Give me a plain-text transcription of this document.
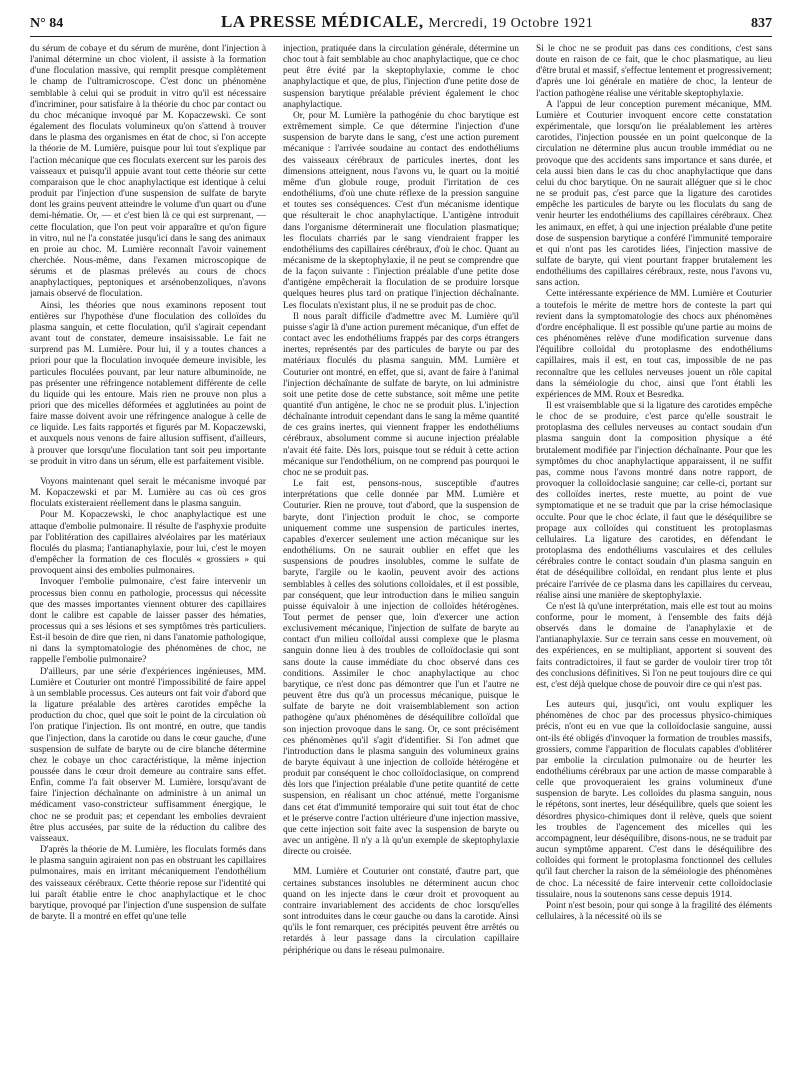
N° 84	LA PRESSE MÉDICALE, Mercredi, 19 Octobre 1921	837

du sérum de cobaye et du sérum de murène, dont l'injection à l'animal détermine un choc violent, il assiste à la formation d'une floculation massive, qui remplit presque complètement le champ de l'ultramicroscope. C'est donc un phénomène semblable à celui qui se produit in vitro qu'il est nécessaire d'incriminer, pour satisfaire à la théorie du choc par contact ou du choc mécanique invoqué par M. Kopaczewski. Ce sont également des floculats volumineux qu'on s'attend à trouver dans le plasma des organismes en état de choc, si l'on accepte la théorie de M. Lumière, puisque pour lui tout s'explique par l'action mécanique que ces floculats exercent sur les parois des vaisseaux et puisqu'il appuie avant tout cette théorie sur cette comparaison que le choc anaphylactique est identique à celui produit par l'injection d'une suspension de sulfate de baryte dont les grains peuvent atteindre le volume d'un quart ou d'une demi-hématie. Or, — et c'est bien là ce qui est surprenant, — cette floculation, que l'on peut voir apparaître et qu'on figure in vitro, nul ne l'a constatée jusqu'ici dans le sang des animaux en proie au choc. M. Lumière reconnaît l'avoir vainement cherchée. Nous-même, dans l'examen microscopique de sérums et de plasmas prélevés au cours de chocs anaphylactiques, peptoniques et arsénobenzoliques, n'avons jamais observé de floculation.

Ainsi, les théories que nous examinons reposent tout entières sur l'hypothèse d'une floculation des colloïdes du plasma sanguin, et cette floculation, qu'il s'agirait cependant avant tout de constater, demeure insaisissable. Le fait ne surprend pas M. Lumière. Pour lui, il y a toutes chances a priori pour que la floculation invoquée demeure invisible, les particules floculées pouvant, par leur nature albuminoïde, ne pas présenter une réfringence notablement différente de celle du liquide qui les entoure. Mais rien ne prouve non plus a priori que des micelles déformées et agglutinées au point de faire masse doivent avoir une réfringence analogue à celle de ce liquide. Les faits rapportés et figurés par M. Kopaczewski, et auxquels nous venons de faire allusion suffisent, d'ailleurs, à prouver que lorsqu'une floculation tant soit peu importante se produit in vitro dans un sérum, elle est parfaitement visible.

Voyons maintenant quel serait le mécanisme invoqué par M. Kopaczewski et par M. Lumière au cas où ces gros floculats existeraient réellement dans le plasma sanguin.

Pour M. Kopaczewski, le choc anaphylactique est une attaque d'embolie pulmonaire. Il résulte de l'asphyxie produite par l'oblitération des capillaires alvéolaires par les matériaux floculés du plasma; l'antianaphylaxie, pour lui, c'est le moyen d'empêcher la formation de ces floculés « grossiers » qui provoquent ainsi des embolies pulmonaires.

Invoquer l'embolie pulmonaire, c'est faire intervenir un processus bien connu en pathologie, processus qui nécessite que des masses importantes viennent obturer des capillaires dont le calibre est capable de laisser passer des hématies, processus qui a ses lésions et ses symptômes très particuliers. Est-il besoin de dire que rien, ni dans l'anatomie pathologique, ni dans la symptomatologie des phénomènes de choc, ne rappelle l'embolie pulmonaire?

D'ailleurs, par une série d'expériences ingénieuses, MM. Lumière et Couturier ont montré l'impossibilité de faire appel à un semblable processus. Ces auteurs ont fait voir d'abord que la ligature préalable des artères carotides empêche la production du choc, quel que soit le point de la circulation où l'on pratique l'injection. Ils ont montré, en outre, que tandis que l'injection, dans la carotide ou dans le cœur gauche, d'une suspension de sulfate de baryte ou de cire blanche détermine chez le cobaye un choc caractéristique, la même injection poussée dans le cœur droit demeure au contraire sans effet. Enfin, comme l'a fait observer M. Lumière, lorsqu'avant de faire l'injection déchaînante on administre à un animal un médicament vaso-constricteur suffisamment énergique, le choc ne se produit pas; et cependant les embolies devraient être plus accusées, par suite de la réduction du calibre des vaisseaux.

D'après la théorie de M. Lumière, les floculats formés dans le plasma sanguin agiraient non pas en obstruant les capillaires pulmonaires, mais en irritant mécaniquement l'endothélium des vaisseaux cérébraux. Cette théorie repose sur l'identité qui lui paraît établie entre le choc anaphylactique et le choc barytique, provoqué par l'injection d'une suspension de sulfate de baryte. Il a montré en effet qu'une telle

injection, pratiquée dans la circulation générale, détermine un choc tout à fait semblable au choc anaphylactique, que ce choc peut être évité par la skeptophylaxie, comme le choc anaphylactique et que, de plus, l'injection d'une petite dose de suspension barytique préalable prévient également le choc anaphylactique.

Or, pour M. Lumière la pathogénie du choc barytique est extrêmement simple. Ce que détermine l'injection d'une suspension de baryte dans le sang, c'est une action purement mécanique : l'arrivée soudaine au contact des endothéliums des vaisseaux cérébraux de particules inertes, dont les dimensions atteignent, nous l'avons vu, le quart ou la moitié même d'un globule rouge, produit l'irritation de ces endothéliums, d'où une chute réflexe de la pression sanguine et toutes ses conséquences. C'est d'un mécanisme identique que résulterait le choc anaphylactique. L'antigène introduit dans l'organisme déterminerait une floculation plasmatique; les floculats charriés par le sang viendraient frapper les endothéliums des capillaires cérébraux, d'où le choc. Quant au mécanisme de la skeptophylaxie, il ne peut se comprendre que de la façon suivante : l'injection préalable d'une petite dose d'antigène empêcherait la floculation de se produire lorsque quelques heures plus tard on pratique l'injection déchaînante. Les floculats n'existant plus, il ne se produit pas de choc.

Il nous paraît difficile d'admettre avec M. Lumière qu'il puisse s'agir là d'une action purement mécanique, d'un effet de contact avec les endothéliums frappés par des corps étrangers inertes, représentés par des particules de baryte ou par des matériaux floculés du plasma sanguin. MM. Lumière et Couturier ont montré, en effet, que si, avant de faire à l'animal l'injection déchaînante de sulfate de baryte, on lui administre soit une petite dose de cette substance, soit même une petite quantité d'un antigène, le choc ne se produit plus. L'injection déchaînante introduit cependant dans le sang la même quantité de ces grains inertes, qui viennent frapper les endothéliums cérébraux, absolument comme si aucune injection préalable n'avait été faite. Dès lors, puisque tout se réduit à cette action mécanique sur l'endothélium, on ne comprend pas pourquoi le choc ne se produit pas.

Le fait est, pensons-nous, susceptible d'autres interprétations que celle donnée par MM. Lumière et Couturier. Rien ne prouve, tout d'abord, que la suspension de baryte, dont l'injection produit le choc, se comporte uniquement comme une suspension de particules inertes, capables d'exercer seulement une action mécanique sur les endothéliums. On ne saurait oublier en effet que les suspensions de poudres insolubles, comme le sulfate de baryte, l'argile ou le kaolin, peuvent avoir des actions semblables à celles des solutions colloïdales, et il est possible, par conséquent, que leur introduction dans le milieu sanguin puisse équivaloir à une injection de colloïdes hétérogènes. Tout permet de penser que, loin d'exercer une action exclusivement mécanique, l'injection de sulfate de baryte au contact d'un milieu colloïdal aussi complexe que le plasma sanguin donne lieu à des troubles de colloïdoclasie qui sont sans doute la cause immédiate du choc observé dans ces conditions. Assimiler le choc anaphylactique au choc barytique, ce n'est donc pas démontrer que l'un et l'autre ne peuvent être dus qu'à un processus mécanique, puisque le sulfate de baryte ne doit vraisemblablement son action pathogène qu'aux phénomènes de déséquilibre colloïdal que son injection provoque dans le sang. Or, ce sont précisément ces phénomènes qu'il s'agit d'identifier. Si l'on admet que l'introduction dans le plasma sanguin des volumineux grains de baryte équivaut à une injection de colloïde hétérogène et produit par conséquent le choc colloïdoclasique, on comprend dès lors que l'injection préalable d'une petite quantité de cette suspension, en réalisant un choc atténué, mette l'organisme dans cet état d'immunité temporaire qui suit tout état de choc et le préserve contre l'action ultérieure d'une injection massive, que cette injection soit faite avec la suspension de baryte ou avec un antigène. Il n'y a là qu'un exemple de skeptophylaxie directe ou croisée.

MM. Lumière et Couturier ont constaté, d'autre part, que certaines substances insolubles ne déterminent aucun choc quand on les injecte dans le cœur droit et provoquent au contraire invariablement des accidents de choc lorsqu'elles sont introduites dans le cœur gauche ou dans la carotide. Ainsi qu'ils le font remarquer, ces précipités peuvent être arrêtés ou retardés à leur passage dans la circulation capillaire périphérique ou dans le réseau pulmonaire.

Si le choc ne se produit pas dans ces conditions, c'est sans doute en raison de ce fait, que le choc plasmatique, au lieu d'être brutal et massif, s'effectue lentement et progressivement; d'après une loi générale en matière de choc, la lenteur de l'action pathogène réalise une véritable skeptophylaxie.

A l'appui de leur conception purement mécanique, MM. Lumière et Couturier invoquent encore cette constatation expérimentale, que lorsqu'on lie préalablement les artères carotides, l'injection poussée en un point quelconque de la circulation ne détermine plus aucun trouble immédiat ou ne provoque que des accidents sans importance et sans durée, et cela aussi bien dans le cas du choc anaphylactique que dans celui du choc barytique. On ne saurait alléguer que si le choc ne se produit pas, c'est parce que la ligature des carotides empêche les particules de baryte ou les floculats du sang de venir heurter les endothéliums des capillaires cérébraux. Chez les animaux, en effet, à qui une injection préalable d'une petite dose de suspension barytique a conféré l'immunité temporaire et qui n'ont pas les carotides liées, l'injection massive de sulfate de baryte, qui vient pourtant frapper brutalement les endothéliums des capillaires cérébraux, reste, nous l'avons vu, sans action.

Cette intéressante expérience de MM. Lumière et Couturier a toutefois le mérite de mettre hors de conteste la part qui revient dans la symptomatologie des chocs aux phénomènes d'ordre encéphalique. Il est possible qu'une partie au moins de ces phénomènes relève d'une modification survenue dans l'équilibre colloïdal du protoplasme des endothéliums capillaires, mais il est, en tout cas, impossible de ne pas reconnaître que les cellules nerveuses jouent un rôle capital dans la séméiologie du choc, ainsi que l'ont établi les expériences de MM. Roux et Besredka.

Il est vraisemblable que si la ligature des carotides empêche le choc de se produire, c'est parce qu'elle soustrait le protoplasma des cellules nerveuses au contact soudain d'un plasma sanguin dont la composition physique a été brutalement modifiée par l'injection déchaînante. Pour que les symptômes du choc anaphylactique apparaissent, il ne suffit pas, comme nous l'avons montré dans notre rapport, de provoquer la colloïdoclasie sanguine; car celle-ci, portant sur des colloïdes inertes, reste muette, au point de vue symptomatique et ne se traduit que par la crise hémoclasique occulte. Pour que le choc éclate, il faut que le déséquilibre se propage aux colloïdes qui constituent les protoplasmas cellulaires. La ligature des carotides, en défendant le protoplasma des endothéliums vasculaires et des cellules cérébrales contre le contact soudain d'un plasma sanguin en état de déséquilibre colloïdal, en rendant plus lente et plus précaire l'arrivée de ce plasma dans les capillaires du cerveau, réalise ainsi une manière de skeptophylaxie.

Ce n'est là qu'une interprétation, mais elle est tout au moins conforme, pour le moment, à l'ensemble des faits déjà observés dans le domaine de l'anaphylaxie et de l'antianaphylaxie. Sur ce terrain sans cesse en mouvement, où des expériences, en se multipliant, apportent si souvent des faits contradictoires, il faut se garder de vouloir tirer trop tôt des conclusions définitives. Si l'on ne peut toujours dire ce qui est, c'est déjà quelque chose de pouvoir dire ce qui n'est pas.

Les auteurs qui, jusqu'ici, ont voulu expliquer les phénomènes de choc par des processus physico-chimiques précis, n'ont eu en vue que la colloïdoclasie sanguine, aussi ont-ils été obligés d'invoquer la formation de troubles massifs, grossiers, comme l'apparition de floculats capables d'oblitérer par embolie la circulation pulmonaire ou de heurter les endothéliums cérébraux par une action de masse comparable à celle que provoqueraient les grains volumineux d'une suspension de baryte. Les colloïdes du plasma sanguin, nous le répétons, sont inertes, leur déséquilibre, quels que soient les désordres physico-chimiques dont il relève, quels que soient les troubles de l'agencement des micelles qui les accompagnent, leur déséquilibre, disons-nous, ne se traduit par aucun symptôme apparent. C'est dans le déséquilibre des colloïdes qui forment le protoplasma fonctionnel des cellules qu'il faut chercher la raison de la séméiologie des phénomènes de choc. La nécessité de faire intervenir cette colloïdoclasie tissulaire, nous la soutenons sans cesse depuis 1914.

Point n'est besoin, pour qui songe à la fragilité des éléments cellulaires, à la nécessité où ils se
